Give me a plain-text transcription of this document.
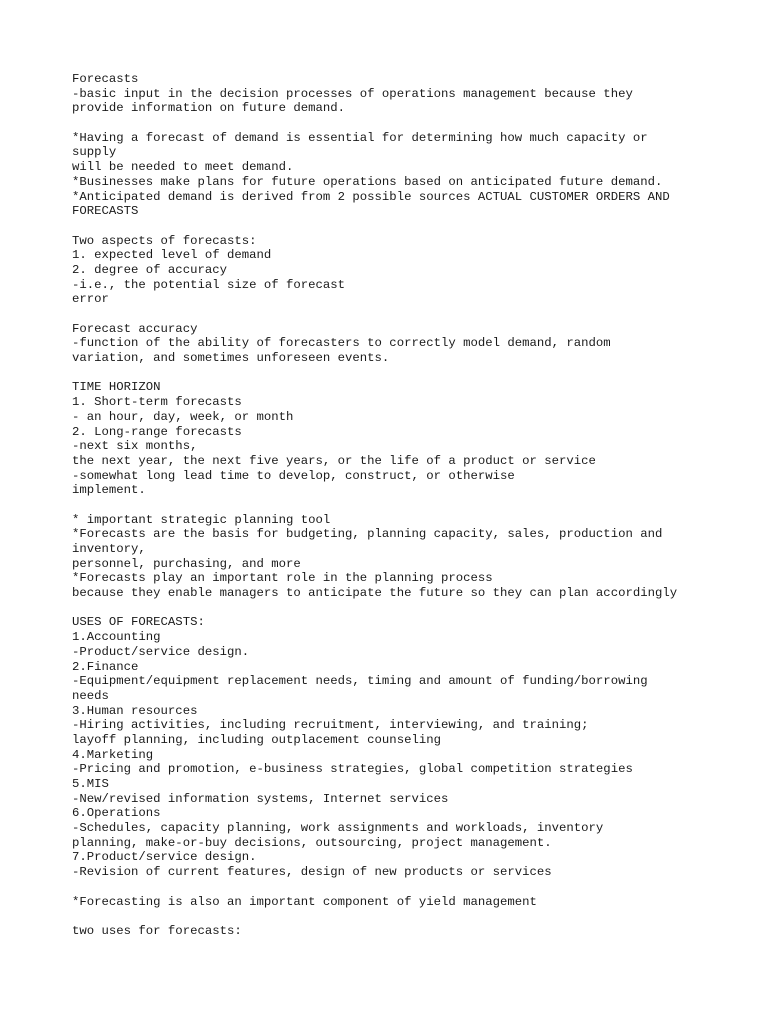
Forecasts
-basic input in the decision processes of operations management because they
provide information on future demand.
*Having a forecast of demand is essential for determining how much capacity or
supply
will be needed to meet demand.
*Businesses make plans for future operations based on anticipated future demand.
*Anticipated demand is derived from 2 possible sources ACTUAL CUSTOMER ORDERS AND
FORECASTS
Two aspects of forecasts:
1. expected level of demand
2. degree of accuracy
-i.e., the potential size of forecast
error
Forecast accuracy
-function of the ability of forecasters to correctly model demand, random
variation, and sometimes unforeseen events.
TIME HORIZON
1. Short-term forecasts
- an hour, day, week, or month
2. Long-range forecasts
-next six months,
the next year, the next five years, or the life of a product or service
-somewhat long lead time to develop, construct, or otherwise
implement.
* important strategic planning tool
*Forecasts are the basis for budgeting, planning capacity, sales, production and
inventory,
personnel, purchasing, and more
*Forecasts play an important role in the planning process
because they enable managers to anticipate the future so they can plan accordingly
USES OF FORECASTS:
1.Accounting
-Product/service design.
2.Finance
-Equipment/equipment replacement needs, timing and amount of funding/borrowing
needs
3.Human resources
-Hiring activities, including recruitment, interviewing, and training;
layoff planning, including outplacement counseling
4.Marketing
-Pricing and promotion, e-business strategies, global competition strategies
5.MIS
-New/revised information systems, Internet services
6.Operations
-Schedules, capacity planning, work assignments and workloads, inventory
planning, make-or-buy decisions, outsourcing, project management.
7.Product/service design.
-Revision of current features, design of new products or services
*Forecasting is also an important component of yield management
two uses for forecasts:
